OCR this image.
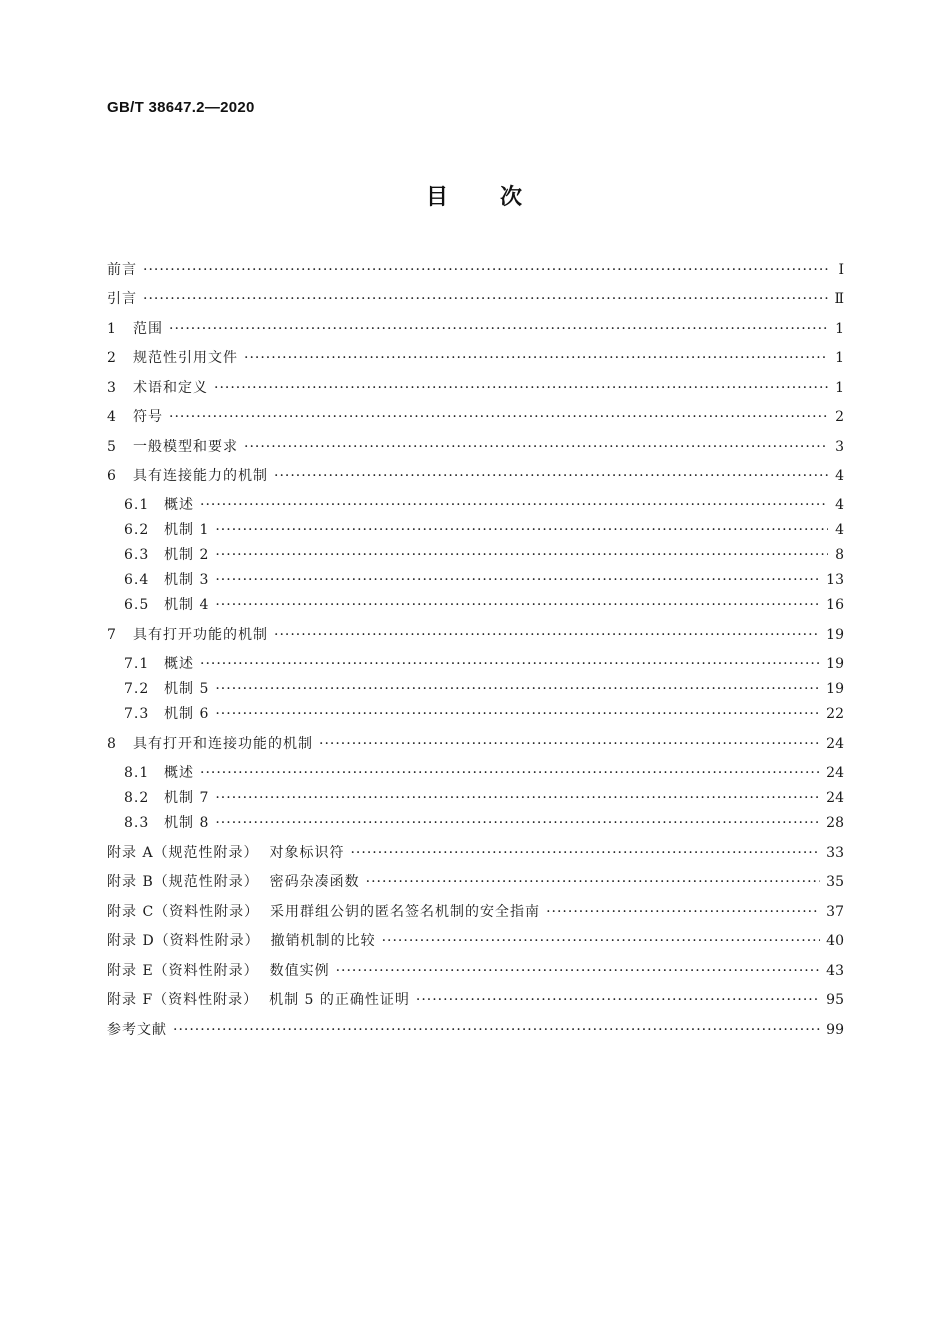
GB/T 38647.2—2020
目 次
前言 ·····	Ⅰ
引言 ·····	Ⅱ
1	范围 ·····	1
2	规范性引用文件 ·····	1
3	术语和定义 ·····	1
4	符号 ·····	2
5	一般模型和要求 ·····	3
6	具有连接能力的机制 ·····	4
6.1	概述 ·····	4
6.2	机制 1 ·····	4
6.3	机制 2 ·····	8
6.4	机制 3 ·····	13
6.5	机制 4 ·····	16
7	具有打开功能的机制 ·····	19
7.1	概述 ·····	19
7.2	机制 5 ·····	19
7.3	机制 6 ·····	22
8	具有打开和连接功能的机制 ·····	24
8.1	概述 ·····	24
8.2	机制 7 ·····	24
8.3	机制 8 ·····	28
附录 A（规范性附录）  对象标识符 ·····	33
附录 B（规范性附录）  密码杂凑函数 ·····	35
附录 C（资料性附录）  采用群组公钥的匿名签名机制的安全指南 ·····	37
附录 D（资料性附录）  撤销机制的比较 ·····	40
附录 E（资料性附录）  数值实例 ·····	43
附录 F（资料性附录）  机制 5 的正确性证明 ·····	95
参考文献 ·····	99
